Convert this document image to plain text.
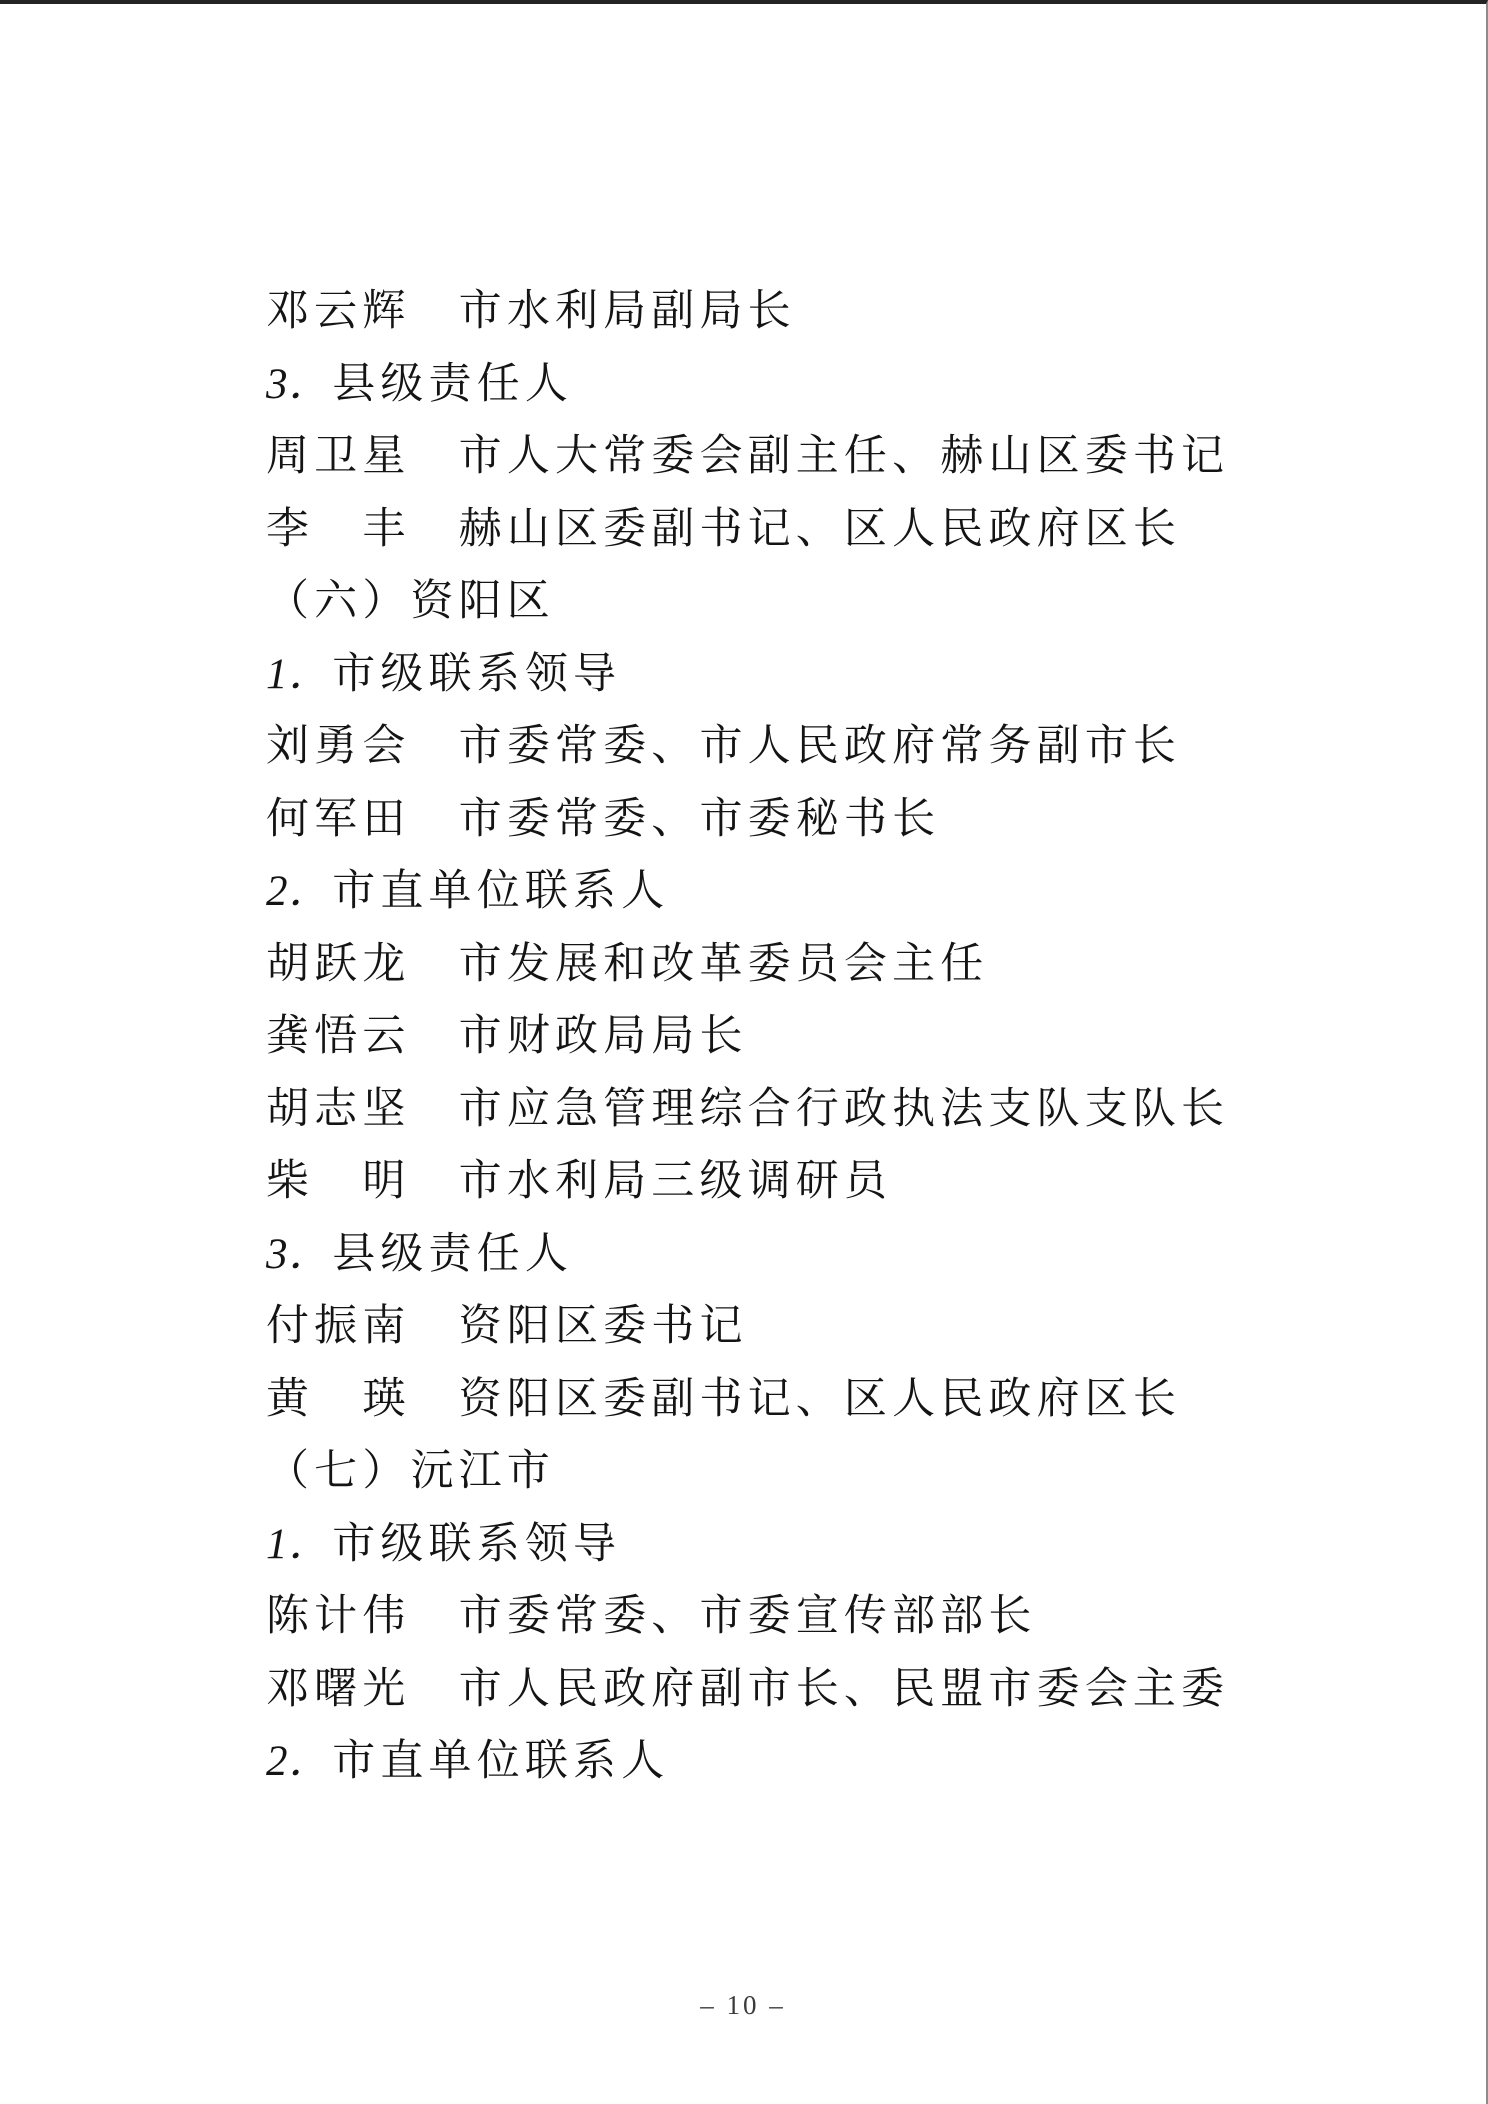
邓云辉　 市水利局副局长
3．县级责任人
周卫星　 市人大常委会副主任、赫山区委书记
李　丰　 赫山区委副书记、区人民政府区长
（六）资阳区
1．市级联系领导
刘勇会　 市委常委、市人民政府常务副市长
何军田　 市委常委、市委秘书长
2．市直单位联系人
胡跃龙　 市发展和改革委员会主任
龚悟云　 市财政局局长
胡志坚　 市应急管理综合行政执法支队支队长
柴　明　 市水利局三级调研员
3．县级责任人
付振南　 资阳区委书记
黄　瑛　 资阳区委副书记、区人民政府区长
（七）沅江市
1．市级联系领导
陈计伟　 市委常委、市委宣传部部长
邓曙光　 市人民政府副市长、民盟市委会主委
2．市直单位联系人
– 10 –
